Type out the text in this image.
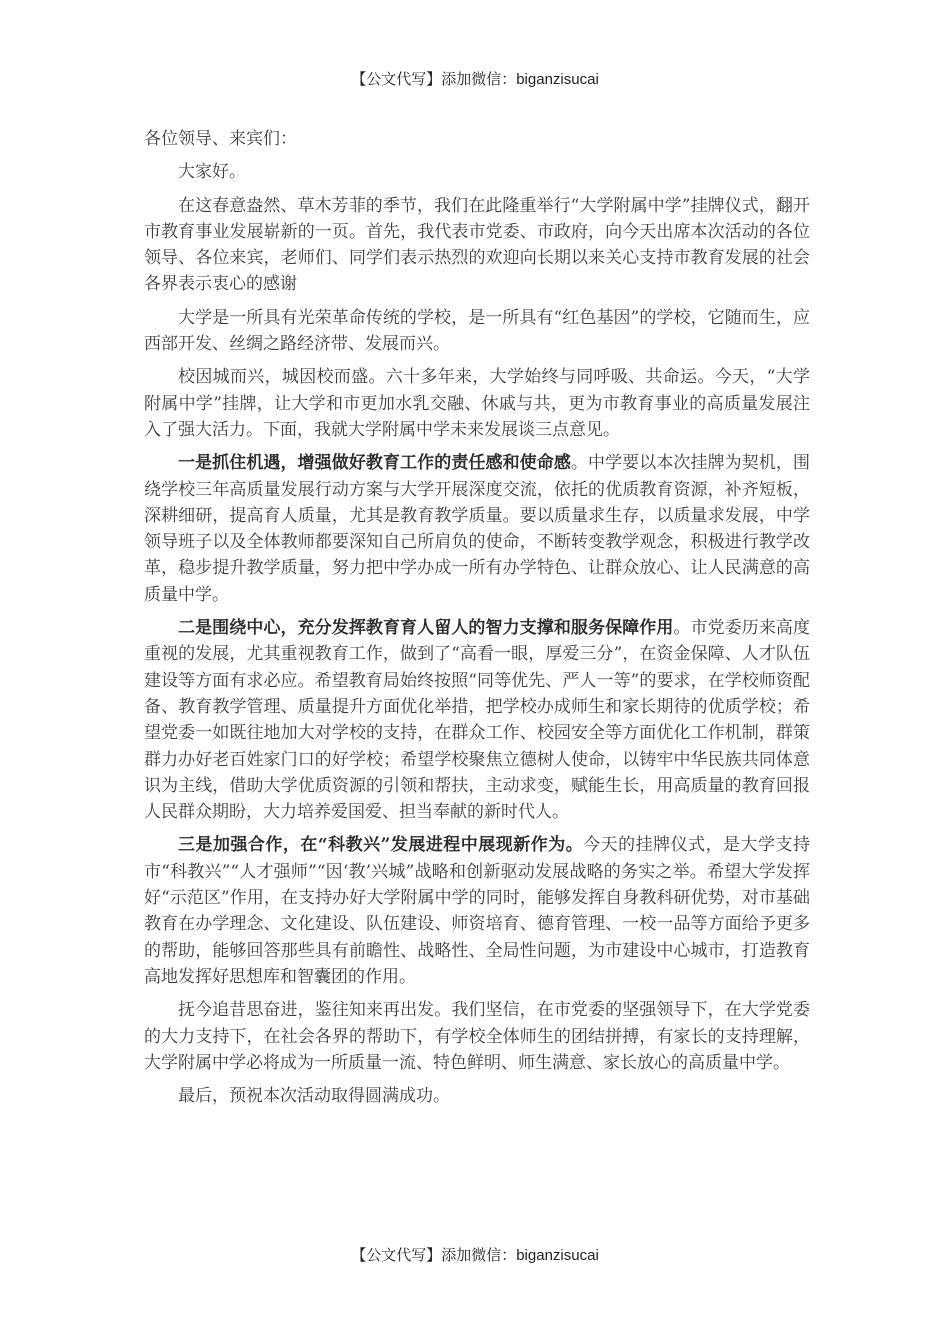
【公文代写】添加微信：biganzisucai

各位领导、来宾们：

大家好。

在这春意盎然、草木芳菲的季节，我们在此隆重举行“大学附属中学”挂牌仪式，翻开市教育事业发展崭新的一页。首先，我代表市党委、市政府，向今天出席本次活动的各位领导、各位来宾，老师们、同学们表示热烈的欢迎向长期以来关心支持市教育发展的社会各界表示衷心的感谢

大学是一所具有光荣革命传统的学校，是一所具有“红色基因”的学校，它随而生，应西部开发、丝绸之路经济带、发展而兴。

校因城而兴，城因校而盛。六十多年来，大学始终与同呼吸、共命运。今天，“大学附属中学”挂牌，让大学和市更加水乳交融、休戚与共，更为市教育事业的高质量发展注入了强大活力。下面，我就大学附属中学未来发展谈三点意见。

一是抓住机遇，增强做好教育工作的责任感和使命感。中学要以本次挂牌为契机，围绕学校三年高质量发展行动方案与大学开展深度交流，依托的优质教育资源，补齐短板，深耕细研，提高育人质量，尤其是教育教学质量。要以质量求生存，以质量求发展，中学领导班子以及全体教师都要深知自己所肩负的使命，不断转变教学观念，积极进行教学改革，稳步提升教学质量，努力把中学办成一所有办学特色、让群众放心、让人民满意的高质量中学。

二是围绕中心，充分发挥教育育人留人的智力支撑和服务保障作用。市党委历来高度重视的发展，尤其重视教育工作，做到了“高看一眼，厚爱三分”，在资金保障、人才队伍建设等方面有求必应。希望教育局始终按照“同等优先、严人一等”的要求，在学校师资配备、教育教学管理、质量提升方面优化举措，把学校办成师生和家长期待的优质学校；希望党委一如既往地加大对学校的支持，在群众工作、校园安全等方面优化工作机制，群策群力办好老百姓家门口的好学校；希望学校聚焦立德树人使命，以铸牢中华民族共同体意识为主线，借助大学优质资源的引领和帮扶，主动求变，赋能生长，用高质量的教育回报人民群众期盼，大力培养爱国爱、担当奉献的新时代人。

三是加强合作，在“科教兴”发展进程中展现新作为。今天的挂牌仪式，是大学支持市“科教兴”“人才强师”“因‘教’兴城”战略和创新驱动发展战略的务实之举。希望大学发挥好“示范区”作用，在支持办好大学附属中学的同时，能够发挥自身教科研优势，对市基础教育在办学理念、文化建设、队伍建设、师资培育、德育管理、一校一品等方面给予更多的帮助，能够回答那些具有前瞻性、战略性、全局性问题，为市建设中心城市，打造教育高地发挥好思想库和智囊团的作用。

抚今追昔思奋进，鉴往知来再出发。我们坚信，在市党委的坚强领导下，在大学党委的大力支持下，在社会各界的帮助下，有学校全体师生的团结拼搏，有家长的支持理解，大学附属中学必将成为一所质量一流、特色鲜明、师生满意、家长放心的高质量中学。

最后，预祝本次活动取得圆满成功。

【公文代写】添加微信：biganzisucai
